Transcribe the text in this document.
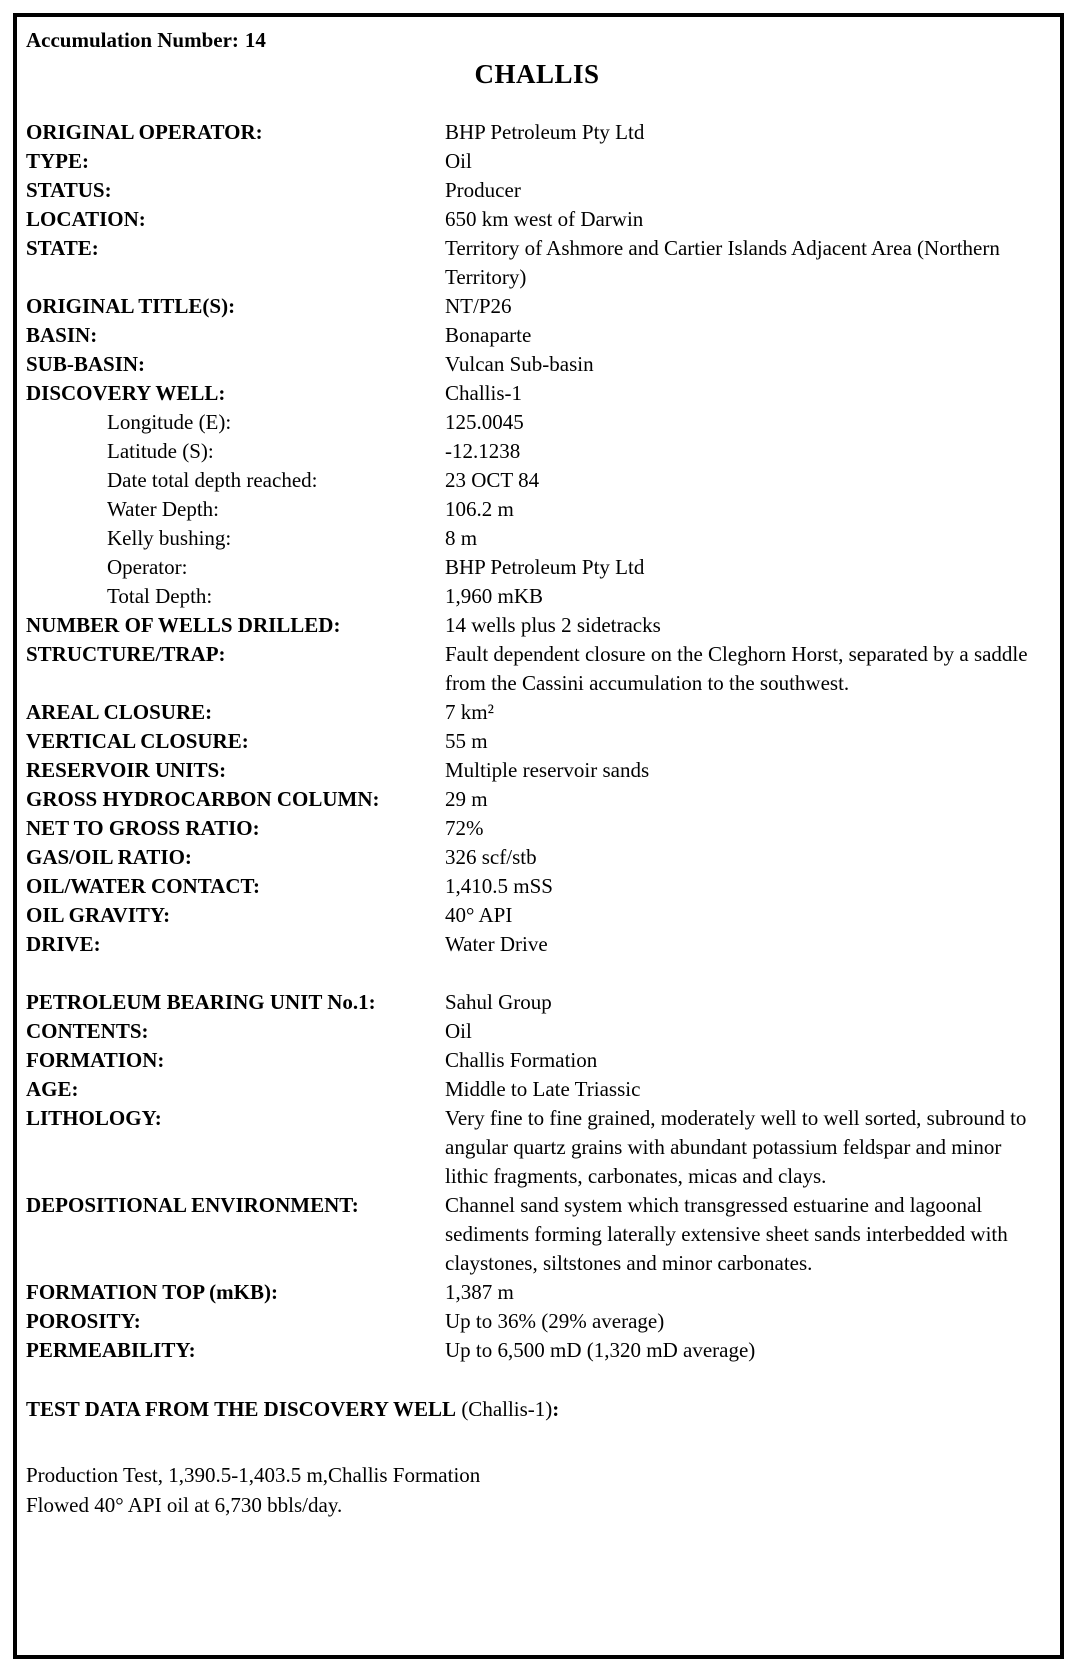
Accumulation Number: 14
CHALLIS
ORIGINAL OPERATOR:	BHP Petroleum Pty Ltd
TYPE:	Oil
STATUS:	Producer
LOCATION:	650 km west of Darwin
STATE:	Territory of Ashmore and Cartier Islands Adjacent Area (Northern Territory)
ORIGINAL TITLE(S):	NT/P26
BASIN:	Bonaparte
SUB-BASIN:	Vulcan Sub-basin
DISCOVERY WELL:	Challis-1
Longitude (E):	125.0045
Latitude (S):	-12.1238
Date total depth reached:	23 OCT 84
Water Depth:	106.2 m
Kelly bushing:	8 m
Operator:	BHP Petroleum Pty Ltd
Total Depth:	1,960 mKB
NUMBER OF WELLS DRILLED:	14 wells plus 2 sidetracks
STRUCTURE/TRAP:	Fault dependent closure on the Cleghorn Horst, separated by a saddle from the Cassini accumulation to the southwest.
AREAL CLOSURE:	7 km²
VERTICAL CLOSURE:	55 m
RESERVOIR UNITS:	Multiple reservoir sands
GROSS HYDROCARBON COLUMN:	29 m
NET TO GROSS RATIO:	72%
GAS/OIL RATIO:	326 scf/stb
OIL/WATER CONTACT:	1,410.5 mSS
OIL GRAVITY:	40° API
DRIVE:	Water Drive
PETROLEUM BEARING UNIT No.1:	Sahul Group
CONTENTS:	Oil
FORMATION:	Challis Formation
AGE:	Middle to Late Triassic
LITHOLOGY:	Very fine to fine grained, moderately well to well sorted, subround to angular quartz grains with abundant potassium feldspar and minor lithic fragments, carbonates, micas and clays.
DEPOSITIONAL ENVIRONMENT:	Channel sand system which transgressed estuarine and lagoonal sediments forming laterally extensive sheet sands interbedded with claystones, siltstones and minor carbonates.
FORMATION TOP (mKB):	1,387 m
POROSITY:	Up to 36% (29% average)
PERMEABILITY:	Up to 6,500 mD (1,320 mD average)
TEST DATA FROM THE DISCOVERY WELL (Challis-1):
Production Test, 1,390.5-1,403.5 m,Challis Formation
Flowed 40° API oil at 6,730 bbls/day.
